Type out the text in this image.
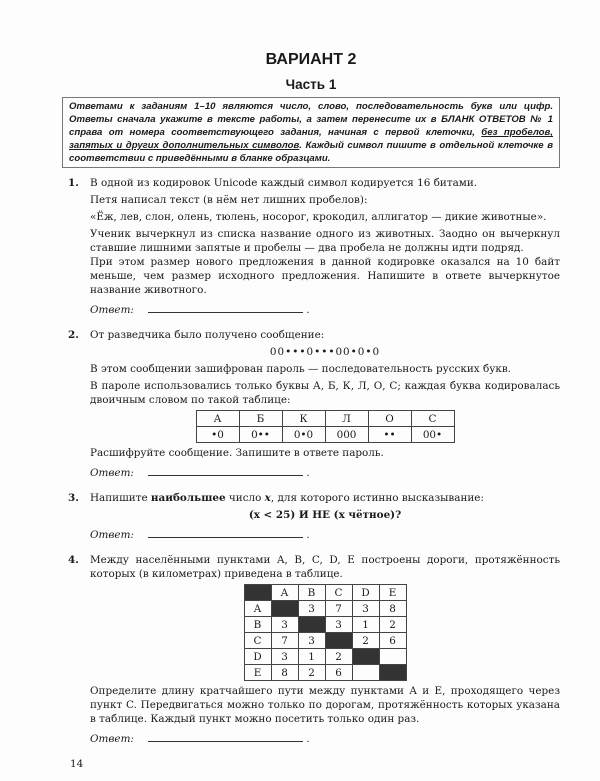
ВАРИАНТ 2
Часть 1
Ответами к заданиям 1–10 являются число, слово, последовательность букв или цифр. Ответы сначала укажите в тексте работы, а затем перенесите их в БЛАНК ОТВЕТОВ № 1 справа от номера соответствующего задания, начиная с первой клеточки, без пробелов, запятых и других дополнительных символов. Каждый символ пишите в отдельной клеточке в соответствии с приведёнными в бланке образцами.
1.	В одной из кодировок Unicode каждый символ кодируется 16 битами.

Петя написал текст (в нём нет лишних пробелов):

«Ёж, лев, слон, олень, тюлень, носорог, крокодил, аллигатор — дикие животные».

Ученик вычеркнул из списка название одного из животных. Заодно он вычеркнул ставшие лишними запятые и пробелы — два пробела не должны идти подряд.

При этом размер нового предложения в данной кодировке оказался на 10 байт меньше, чем размер исходного предложения. Напишите в ответе вычеркнутое название животного.

Ответ:	.
2.	От разведчика было получено сообщение:

00•••0•••00•0•0

В этом сообщении зашифрован пароль — последовательность русских букв.

В пароле использовались только буквы А, Б, К, Л, О, С; каждая буква кодировалась двоичным словом по такой таблице:

А	Б	К	Л	О	С
•0	0••	0•0	000	••	00•

Расшифруйте сообщение. Запишите в ответе пароль.

Ответ:	.
3.	Напишите наибольшее число x, для которого истинно высказывание:

(x < 25) И НЕ (x чётное)?

Ответ:	.
4.	Между населёнными пунктами A, B, C, D, E построены дороги, протяжённость которых (в километрах) приведена в таблице.

	A	B	C	D	E
A		3	7	3	8
B	3		3	1	2
C	7	3		2	6
D	3	1	2		
E	8	2	6		

Определите длину кратчайшего пути между пунктами A и E, проходящего через пункт C. Передвигаться можно только по дорогам, протяжённость которых указана в таблице. Каждый пункт можно посетить только один раз.

Ответ:	.
14
